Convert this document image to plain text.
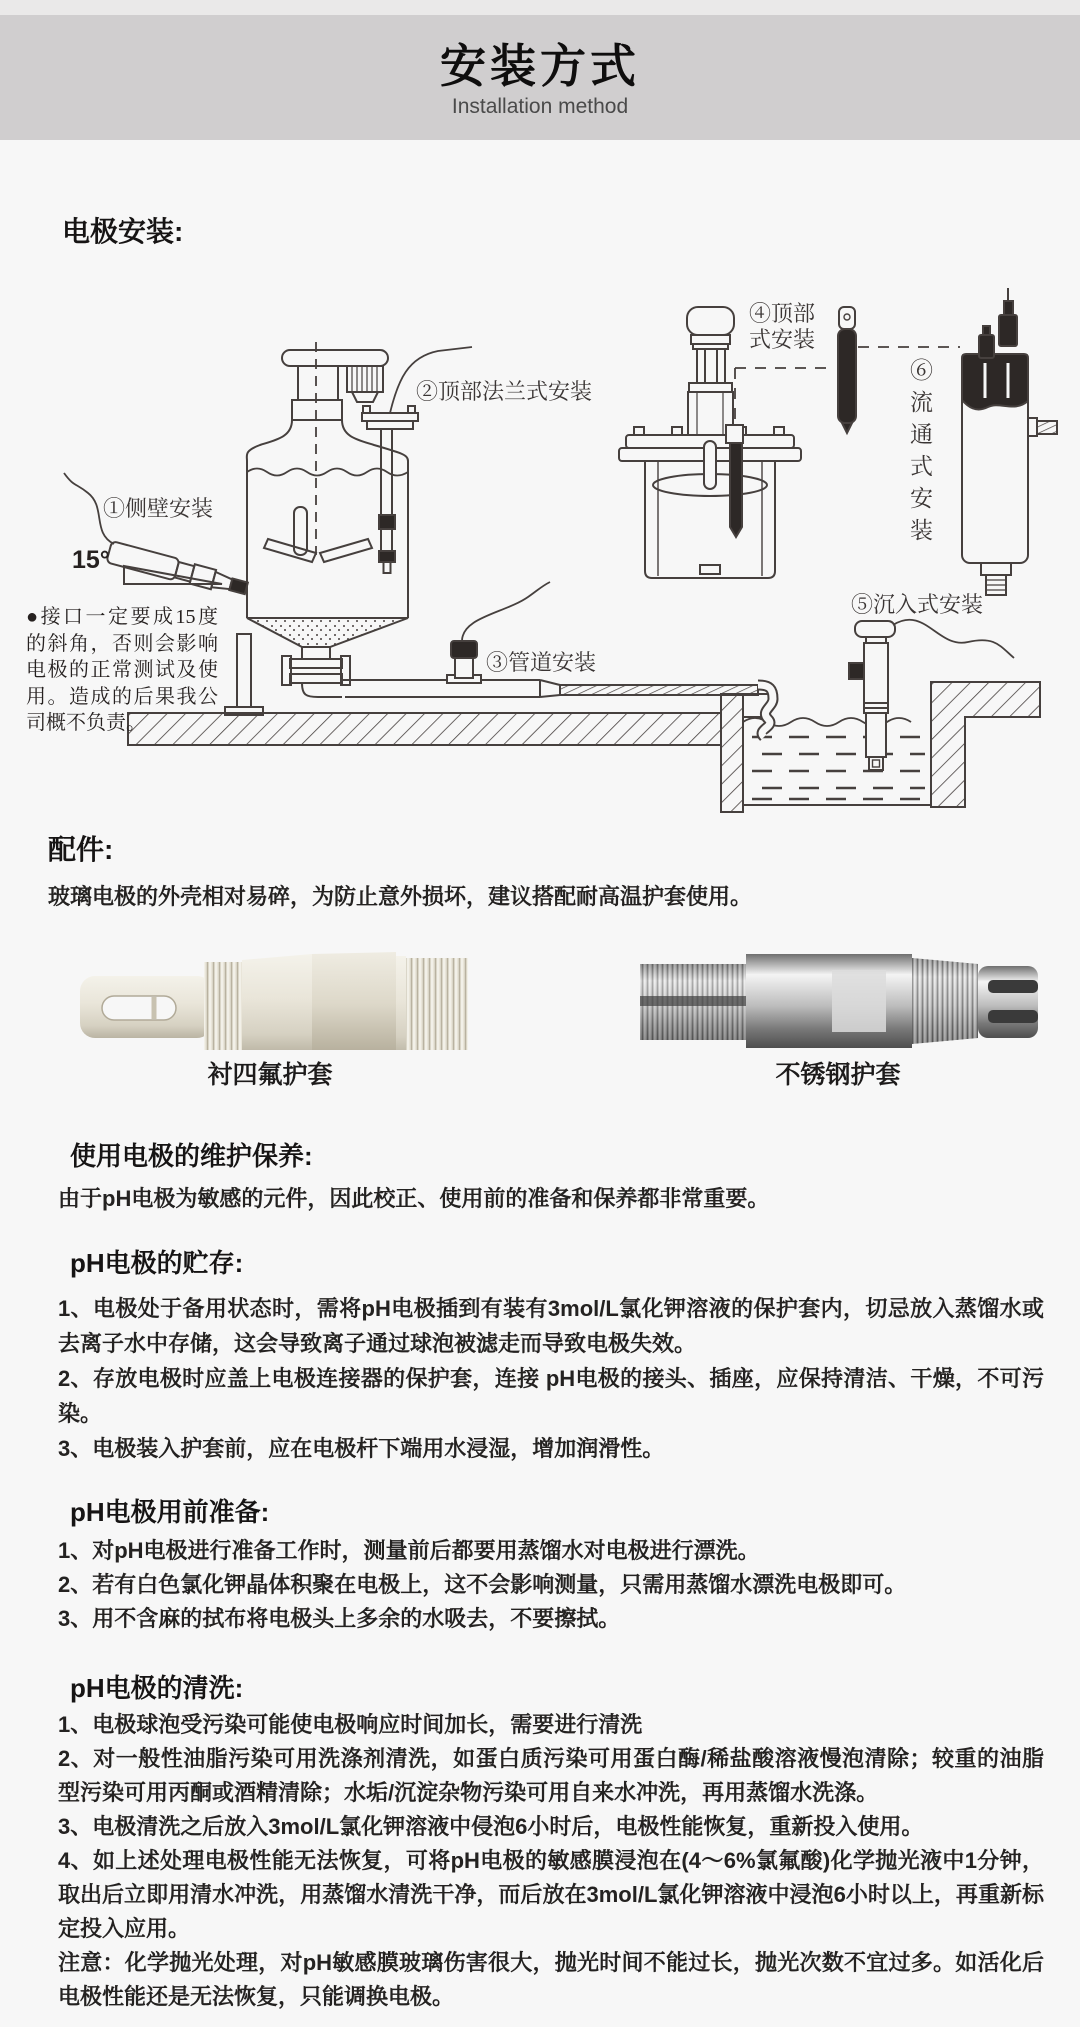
安装方式
Installation method
电极安装:
①侧壁安装
15°
●接口一定要成15度的斜角，否则会影响电极的正常测试及使用。造成的后果我公司概不负责。
②顶部法兰式安装
③管道安装
④顶部式安装
⑤沉入式安装
⑥流通式安装
配件:
玻璃电极的外壳相对易碎，为防止意外损坏，建议搭配耐高温护套使用。
衬四氟护套	不锈钢护套
使用电极的维护保养:
由于pH电极为敏感的元件，因此校正、使用前的准备和保养都非常重要。
pH电极的贮存:

1、电极处于备用状态时，需将pH电极插到有装有3mol/L氯化钾溶液的保护套内，切忌放入蒸馏水或去离子水中存储，这会导致离子通过球泡被滤走而导致电极失效。

2、存放电极时应盖上电极连接器的保护套，连接 pH电极的接头、插座，应保持清洁、干燥，不可污染。

3、电极装入护套前，应在电极杆下端用水浸湿，增加润滑性。

pH电极用前准备:

1、对pH电极进行准备工作时，测量前后都要用蒸馏水对电极进行漂洗。

2、若有白色氯化钾晶体积聚在电极上，这不会影响测量，只需用蒸馏水漂洗电极即可。

3、用不含麻的拭布将电极头上多余的水吸去，不要擦拭。

pH电极的清洗:

1、电极球泡受污染可能使电极响应时间加长，需要进行清洗

2、对一般性油脂污染可用洗涤剂清洗，如蛋白质污染可用蛋白酶/稀盐酸溶液慢泡清除；较重的油脂型污染可用丙酮或酒精清除；水垢/沉淀杂物污染可用自来水冲洗，再用蒸馏水洗涤。

3、电极清洗之后放入3mol/L氯化钾溶液中侵泡6小时后，电极性能恢复，重新投入使用。

4、如上述处理电极性能无法恢复，可将pH电极的敏感膜浸泡在(4～6%氯氟酸)化学抛光液中1分钟，取出后立即用清水冲洗，用蒸馏水清洗干净，而后放在3mol/L氯化钾溶液中浸泡6小时以上，再重新标定投入应用。

注意：化学抛光处理，对pH敏感膜玻璃伤害很大，抛光时间不能过长，抛光次数不宜过多。如活化后电极性能还是无法恢复，只能调换电极。
